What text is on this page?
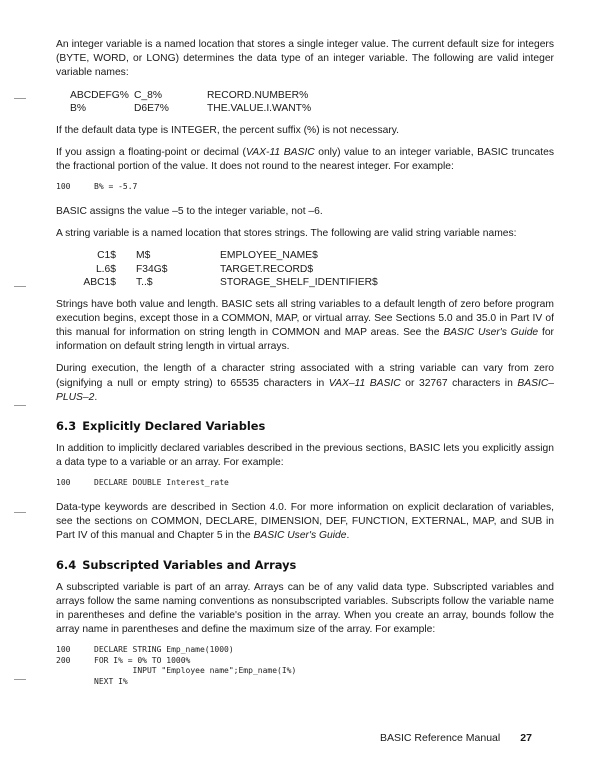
An integer variable is a named location that stores a single integer value. The current default size for integers (BYTE, WORD, or LONG) determines the data type of an integer variable. The following are valid integer variable names:

ABCDEFG% C_8%	RECORD.NUMBER%
B%	D6E7%	THE.VALUE.I.WANT%

If the default data type is INTEGER, the percent suffix (%) is not necessary.

If you assign a floating-point or decimal (VAX-11 BASIC only) value to an integer variable, BASIC truncates the fractional portion of the value. It does not round to the nearest integer. For example:

100	B% = -5.7

BASIC assigns the value –5 to the integer variable, not –6.

A string variable is a named location that stores strings. The following are valid string variable names:

C1$	M$	EMPLOYEE_NAME$
L.6$	F34G$	TARGET.RECORD$
ABC1$	T..$	STORAGE_SHELF_IDENTIFIER$

Strings have both value and length. BASIC sets all string variables to a default length of zero before program execution begins, except those in a COMMON, MAP, or virtual array. See Sections 5.0 and 35.0 in Part IV of this manual for information on string length in COMMON and MAP areas. See the BASIC User's Guide for information on default string length in virtual arrays.

During execution, the length of a character string associated with a string variable can vary from zero (signifying a null or empty string) to 65535 characters in VAX–11 BASIC or 32767 characters in BASIC–PLUS–2.

6.3 Explicitly Declared Variables

In addition to implicitly declared variables described in the previous sections, BASIC lets you explicitly assign a data type to a variable or an array. For example:

100	DECLARE DOUBLE Interest_rate

Data-type keywords are described in Section 4.0. For more information on explicit declaration of variables, see the sections on COMMON, DECLARE, DIMENSION, DEF, FUNCTION, EXTERNAL, MAP, and SUB in Part IV of this manual and Chapter 5 in the BASIC User's Guide.

6.4 Subscripted Variables and Arrays

A subscripted variable is part of an array. Arrays can be of any valid data type. Subscripted variables and arrays follow the same naming conventions as nonsubscripted variables. Subscripts follow the variable name in parentheses and define the variable's position in the array. When you create an array, bounds follow the array name in parentheses and define the maximum size of the array. For example:

100	DECLARE STRING Emp_name(1000)
200	FOR I% = 0% TO 1000%
INPUT "Employee name";Emp_name(I%)
NEXT I%
BASIC Reference Manual 27
